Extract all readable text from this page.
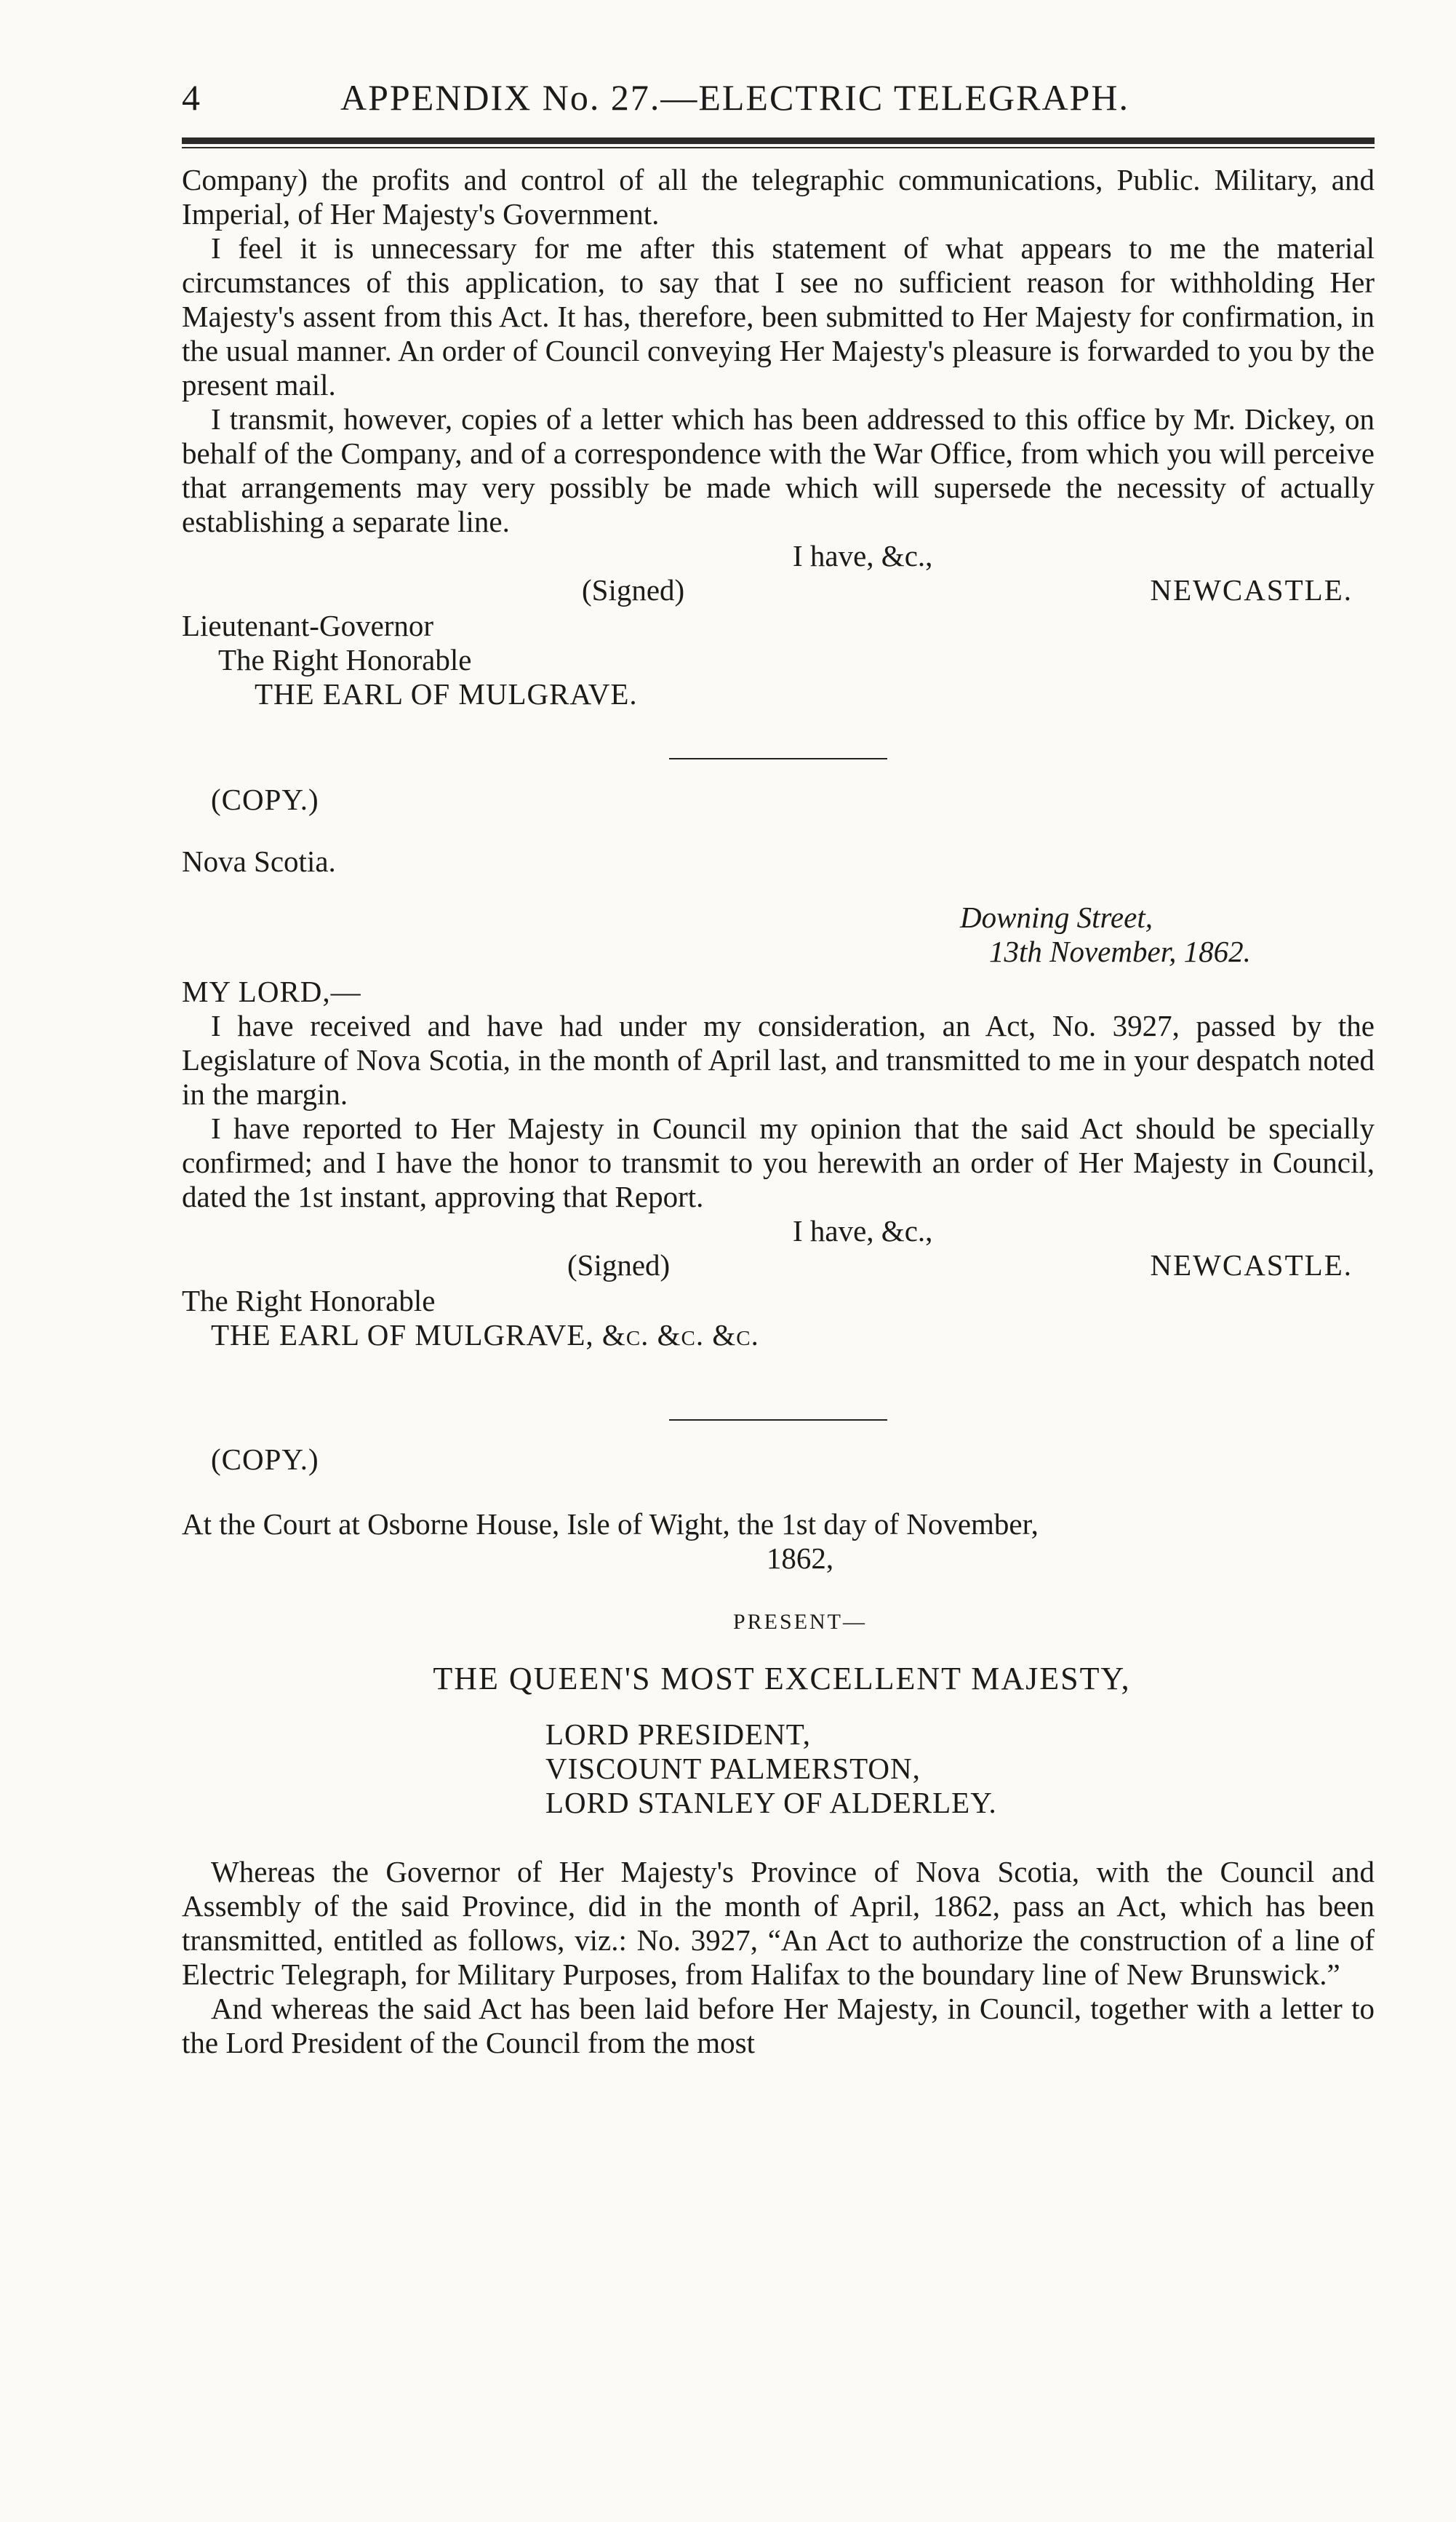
4	APPENDIX No. 27.—ELECTRIC TELEGRAPH.

Company) the profits and control of all the telegraphic communications, Public. Military, and Imperial, of Her Majesty's Government.

I feel it is unnecessary for me after this statement of what appears to me the material circumstances of this application, to say that I see no sufficient reason for withholding Her Majesty's assent from this Act. It has, therefore, been submitted to Her Majesty for confirmation, in the usual manner. An order of Council conveying Her Majesty's pleasure is forwarded to you by the present mail.

I transmit, however, copies of a letter which has been addressed to this office by Mr. Dickey, on behalf of the Company, and of a correspondence with the War Office, from which you will perceive that arrangements may very possibly be made which will supersede the necessity of actually establishing a separate line.

I have, &c.,
(Signed)	NEWCASTLE.
Lieutenant-Governor
The Right Honorable
THE EARL OF MULGRAVE.
(COPY.)
Nova Scotia.
Downing Street,
13th November, 1862.
MY LORD,—

I have received and have had under my consideration, an Act, No. 3927, passed by the Legislature of Nova Scotia, in the month of April last, and transmitted to me in your despatch noted in the margin.

I have reported to Her Majesty in Council my opinion that the said Act should be specially confirmed; and I have the honor to transmit to you herewith an order of Her Majesty in Council, dated the 1st instant, approving that Report.

I have, &c.,
(Signed)	NEWCASTLE.
The Right Honorable
THE EARL OF MULGRAVE, &c. &c. &c.
(COPY.)
At the Court at Osborne House, Isle of Wight, the 1st day of November,
1862,
PRESENT—
THE QUEEN'S MOST EXCELLENT MAJESTY,
LORD PRESIDENT,
VISCOUNT PALMERSTON,
LORD STANLEY OF ALDERLEY.

Whereas the Governor of Her Majesty's Province of Nova Scotia, with the Council and Assembly of the said Province, did in the month of April, 1862, pass an Act, which has been transmitted, entitled as follows, viz.: No. 3927, “An Act to authorize the construction of a line of Electric Telegraph, for Military Purposes, from Halifax to the boundary line of New Brunswick.”

And whereas the said Act has been laid before Her Majesty, in Council, together with a letter to the Lord President of the Council from the most
